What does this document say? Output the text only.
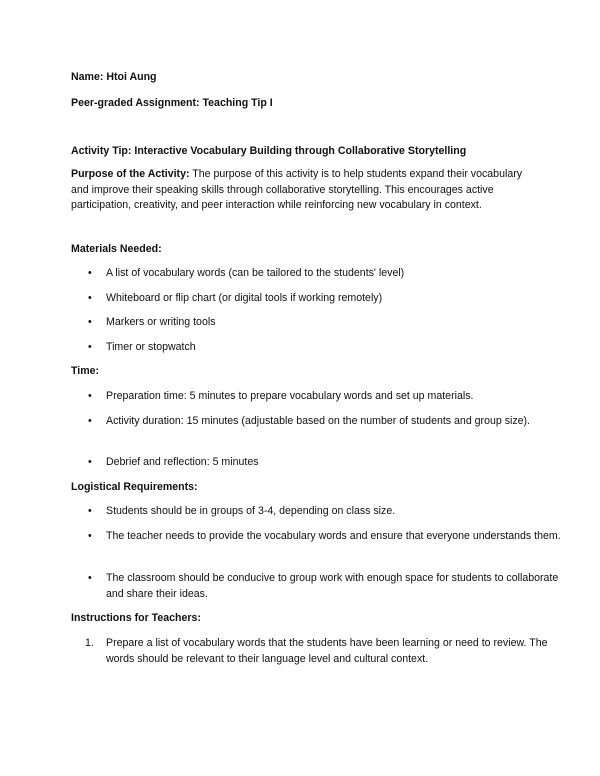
Name: Htoi Aung

Peer-graded Assignment: Teaching Tip I

Activity Tip: Interactive Vocabulary Building through Collaborative Storytelling

Purpose of the Activity: The purpose of this activity is to help students expand their vocabulary and improve their speaking skills through collaborative storytelling. This encourages active participation, creativity, and peer interaction while reinforcing new vocabulary in context.

Materials Needed:

• A list of vocabulary words (can be tailored to the students' level)
• Whiteboard or flip chart (or digital tools if working remotely)
• Markers or writing tools
• Timer or stopwatch

Time:

• Preparation time: 5 minutes to prepare vocabulary words and set up materials.
• Activity duration: 15 minutes (adjustable based on the number of students and group size).
• Debrief and reflection: 5 minutes

Logistical Requirements:

• Students should be in groups of 3-4, depending on class size.
• The teacher needs to provide the vocabulary words and ensure that everyone understands them.
• The classroom should be conducive to group work with enough space for students to collaborate and share their ideas.

Instructions for Teachers:

1. Prepare a list of vocabulary words that the students have been learning or need to review. The words should be relevant to their language level and cultural context.
